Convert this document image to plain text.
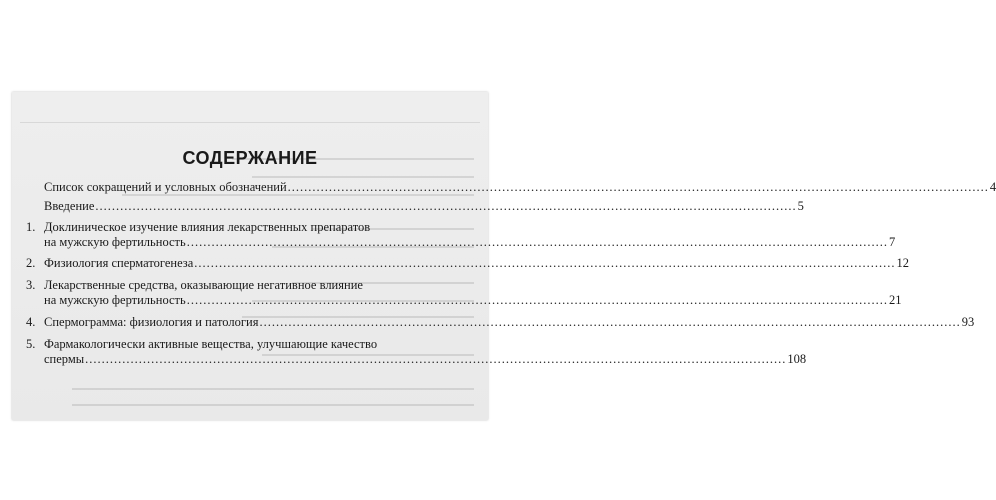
СОДЕРЖАНИЕ
Список сокращений и условных обозначений .....	4
Введение .....	5
1. Доклиническое изучение влияния лекарственных препаратов
на мужскую фертильность .....	7
2. Физиология сперматогенеза .....	12
3. Лекарственные средства, оказывающие негативное влияние
на мужскую фертильность .....	21
4. Спермограмма: физиология и патология .....	93
5. Фармакологически активные вещества, улучшающие качество
спермы .....	108
